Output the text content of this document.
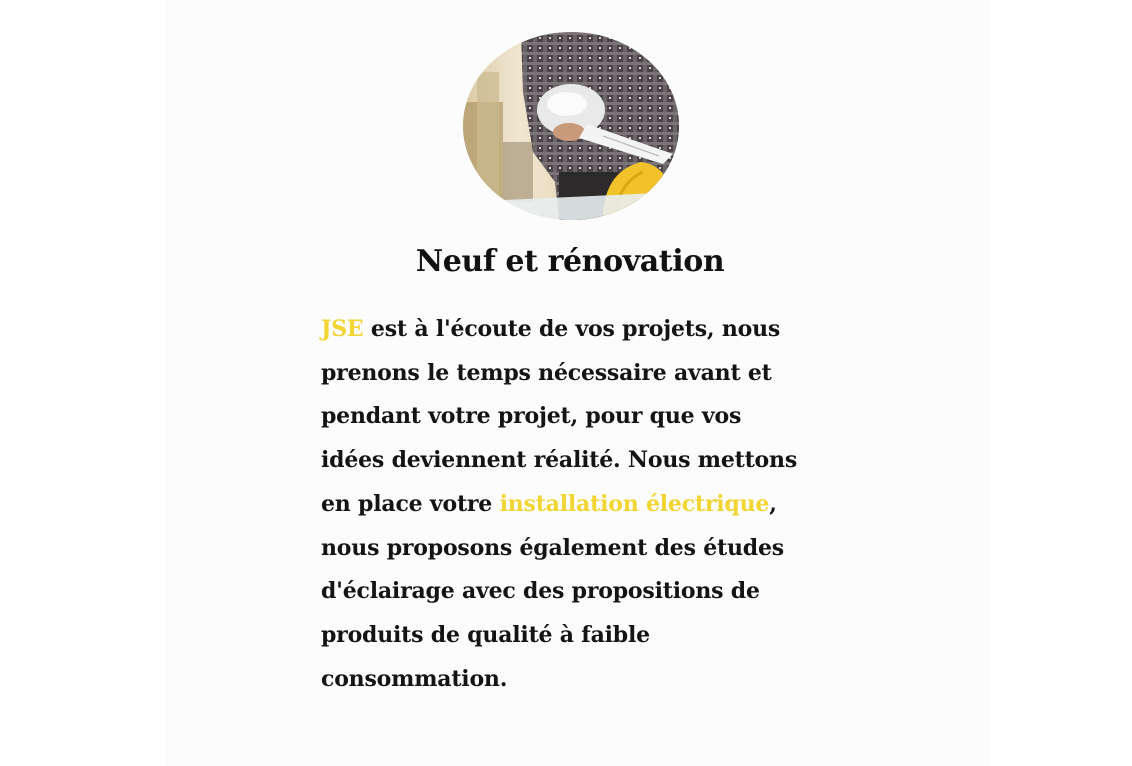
Neuf et rénovation

JSE est à l'écoute de vos projets, nous prenons le temps nécessaire avant et pendant votre projet, pour que vos idées deviennent réalité. Nous mettons en place votre installation électrique, nous proposons également des études d'éclairage avec des propositions de produits de qualité à faible consommation.
